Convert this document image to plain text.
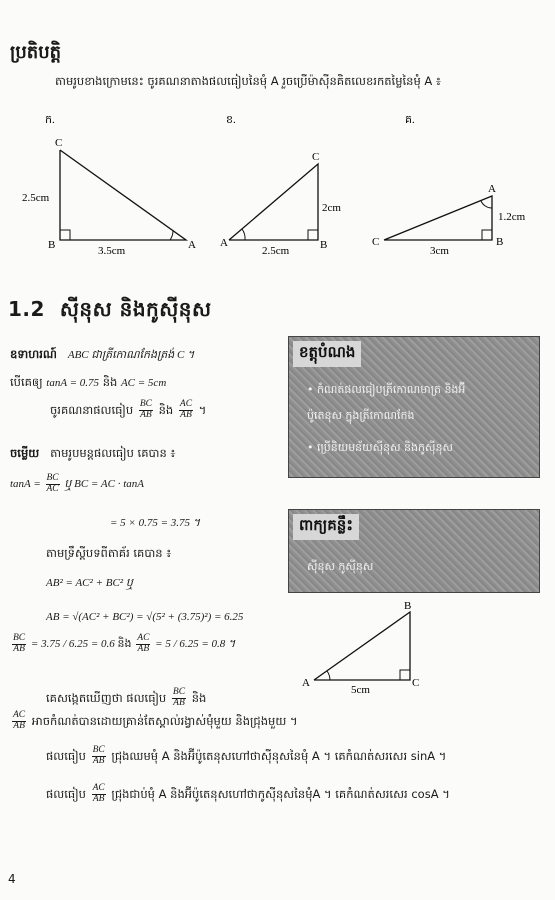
ប្រតិបត្តិ
តាមរូបខាងក្រោមនេះ ចូរគណនាតាងផលធៀបនៃមុំ A រួចប្រើម៉ាស៊ីនគិតលេខរកតម្លៃនៃមុំ A ៖
ក.
C
B	A
2.5cm
3.5cm
ខ.
C
A	B
2cm
2.5cm
គ.
A
C	B
1.2cm
3cm
1.2 ស៊ីនុស និងកូស៊ីនុស
ឧទាហរណ៍ ABC ជាត្រីកោណកែងត្រង់ C ។
បើគេឲ្យ tanA = 0.75 និង AC = 5cm
ចូរគណនាផលធៀប $\frac{BC}{AB}$ និង $\frac{AC}{AB}$ ។
ចម្លើយ តាមរូបមន្តផលធៀប គេបាន ៖
$\tan A = \frac{BC}{AC}$ ឬ BC = AC · tanA
= 5 × 0.75 = 3.75 ។
តាមទ្រឹស្តីបទពីតាគ័រ គេបាន ៖
AB² = AC² + BC² ឬ
AB = √(AC² + BC²) = √(5² + (3.75)²) = 6.25
$\frac{BC}{AB} = 3.75 / 6.25 = 0.6$ និង $\frac{AC}{AB} = 5 / 6.25 = 0.8$ ។
B
A	C
5cm
គេសង្កេតឃើញថា ផលធៀប $\frac{BC}{AB}$ និង
$\frac{AC}{AB}$ អាចកំណត់បានដោយគ្រាន់តែស្គាល់រង្វាស់មុំមួយ និងជ្រុងមួយ ។
ផលធៀប $\frac{BC}{AB}$ ជ្រុងឈមមុំ A និងអ៊ីប៉ូតេនុសហៅថាស៊ីនុសនៃមុំ A ។ គេកំណត់សរសេរ sinA ។
ផលធៀប $\frac{AC}{AB}$ ជ្រុងជាប់មុំ A និងអ៊ីប៉ូតេនុសហៅថាកូស៊ីនុសនៃមុំA ។ គេកំណត់សរសេរ cosA ។
ខត្តុបំណង
• កំណត់ផលធៀបត្រីកោណមាត្រ និងអ៊ី
ប៉ូតេនុស ក្នុងត្រីកោណកែង
• ប្រើនិយមន័យស៊ីនុស និងកូស៊ីនុស
ពាក្យគន្លឹះ
ស៊ីនុស កូស៊ីនុស
4
